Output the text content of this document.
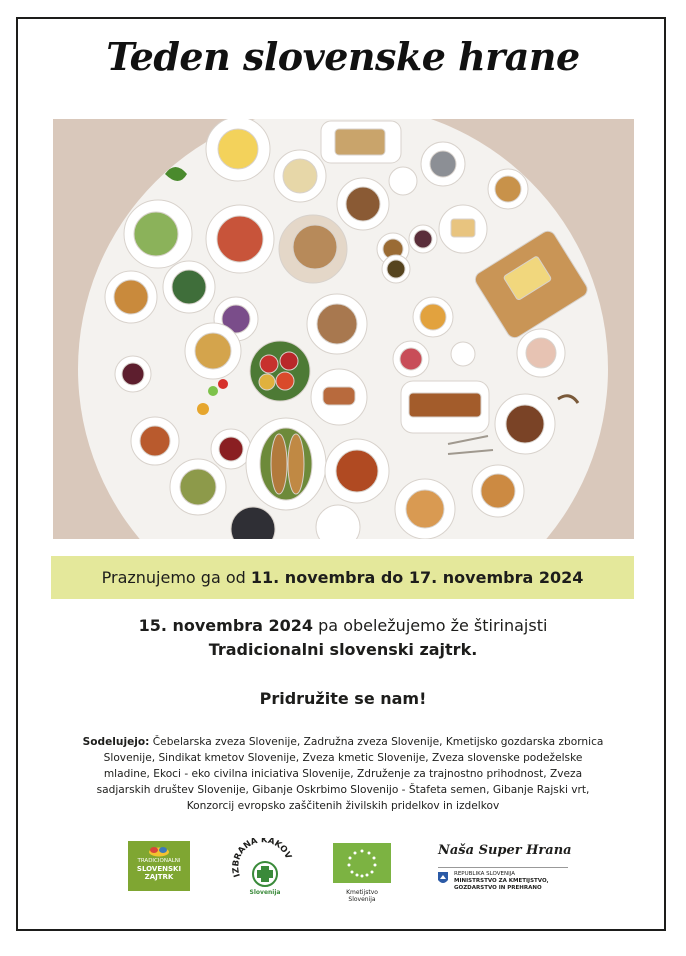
Teden slovenske hrane
Praznujemo ga od 11. novembra do 17. novembra 2024
15. novembra 2024 pa obeležujemo že štirinajsti
Tradicionalni slovenski zajtrk.
Pridružite se nam!
Sodelujejo: Čebelarska zveza Slovenije, Zadružna zveza Slovenije, Kmetijsko gozdarska zbornica Slovenije, Sindikat kmetov Slovenije, Zveza kmetic Slovenije, Zveza slovenske podeželske mladine, Ekoci - eko civilna iniciativa Slovenije, Združenje za trajnostno prihodnost, Zveza sadjarskih društev Slovenije, Gibanje Oskrbimo Slovenijo - Štafeta semen, Gibanje Rajski vrt, Konzorcij evropsko zaščitenih živilskih pridelkov in izdelkov
TRADICIONALNI
SLOVENSKI
ZAJTRK	IZBRANA KAKOV
Slovenija	Kmetijstvo Slovenija
Naša Super Hrana
REPUBLIKA SLOVENIJA
MINISTRSTVO ZA KMETIJSTVO,
GOZDARSTVO IN PREHRANO
